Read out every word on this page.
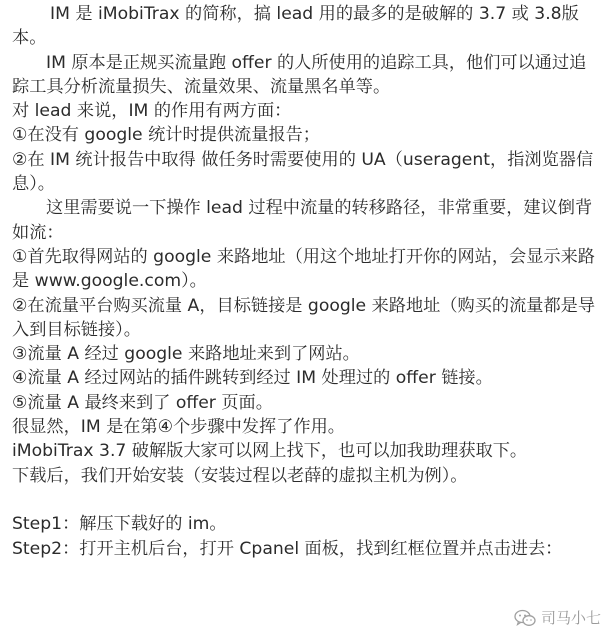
IM 是 iMobiTrax 的简称，搞 lead 用的最多的是破解的 3.7 或 3.8版
本。
IM 原本是正规买流量跑 offer 的人所使用的追踪工具，他们可以通过追
踪工具分析流量损失、流量效果、流量黑名单等。
对 lead 来说，IM 的作用有两方面：
①在没有 google 统计时提供流量报告；
②在 IM 统计报告中取得 做任务时需要使用的 UA（useragent，指浏览器信
息）。
这里需要说一下操作 lead 过程中流量的转移路径，非常重要，建议倒背
如流：
①首先取得网站的 google 来路地址（用这个地址打开你的网站，会显示来路
是 www.google.com）。
②在流量平台购买流量 A，目标链接是 google 来路地址（购买的流量都是导
入到目标链接）。
③流量 A 经过 google 来路地址来到了网站。
④流量 A 经过网站的插件跳转到经过 IM 处理过的 offer 链接。
⑤流量 A 最终来到了 offer 页面。
很显然，IM 是在第④个步骤中发挥了作用。
iMobiTrax 3.7 破解版大家可以网上找下，也可以加我助理获取下。
下载后，我们开始安装（安装过程以老薛的虚拟主机为例）。
Step1：解压下载好的 im。
Step2：打开主机后台，打开 Cpanel 面板，找到红框位置并点击进去：
司马小七
